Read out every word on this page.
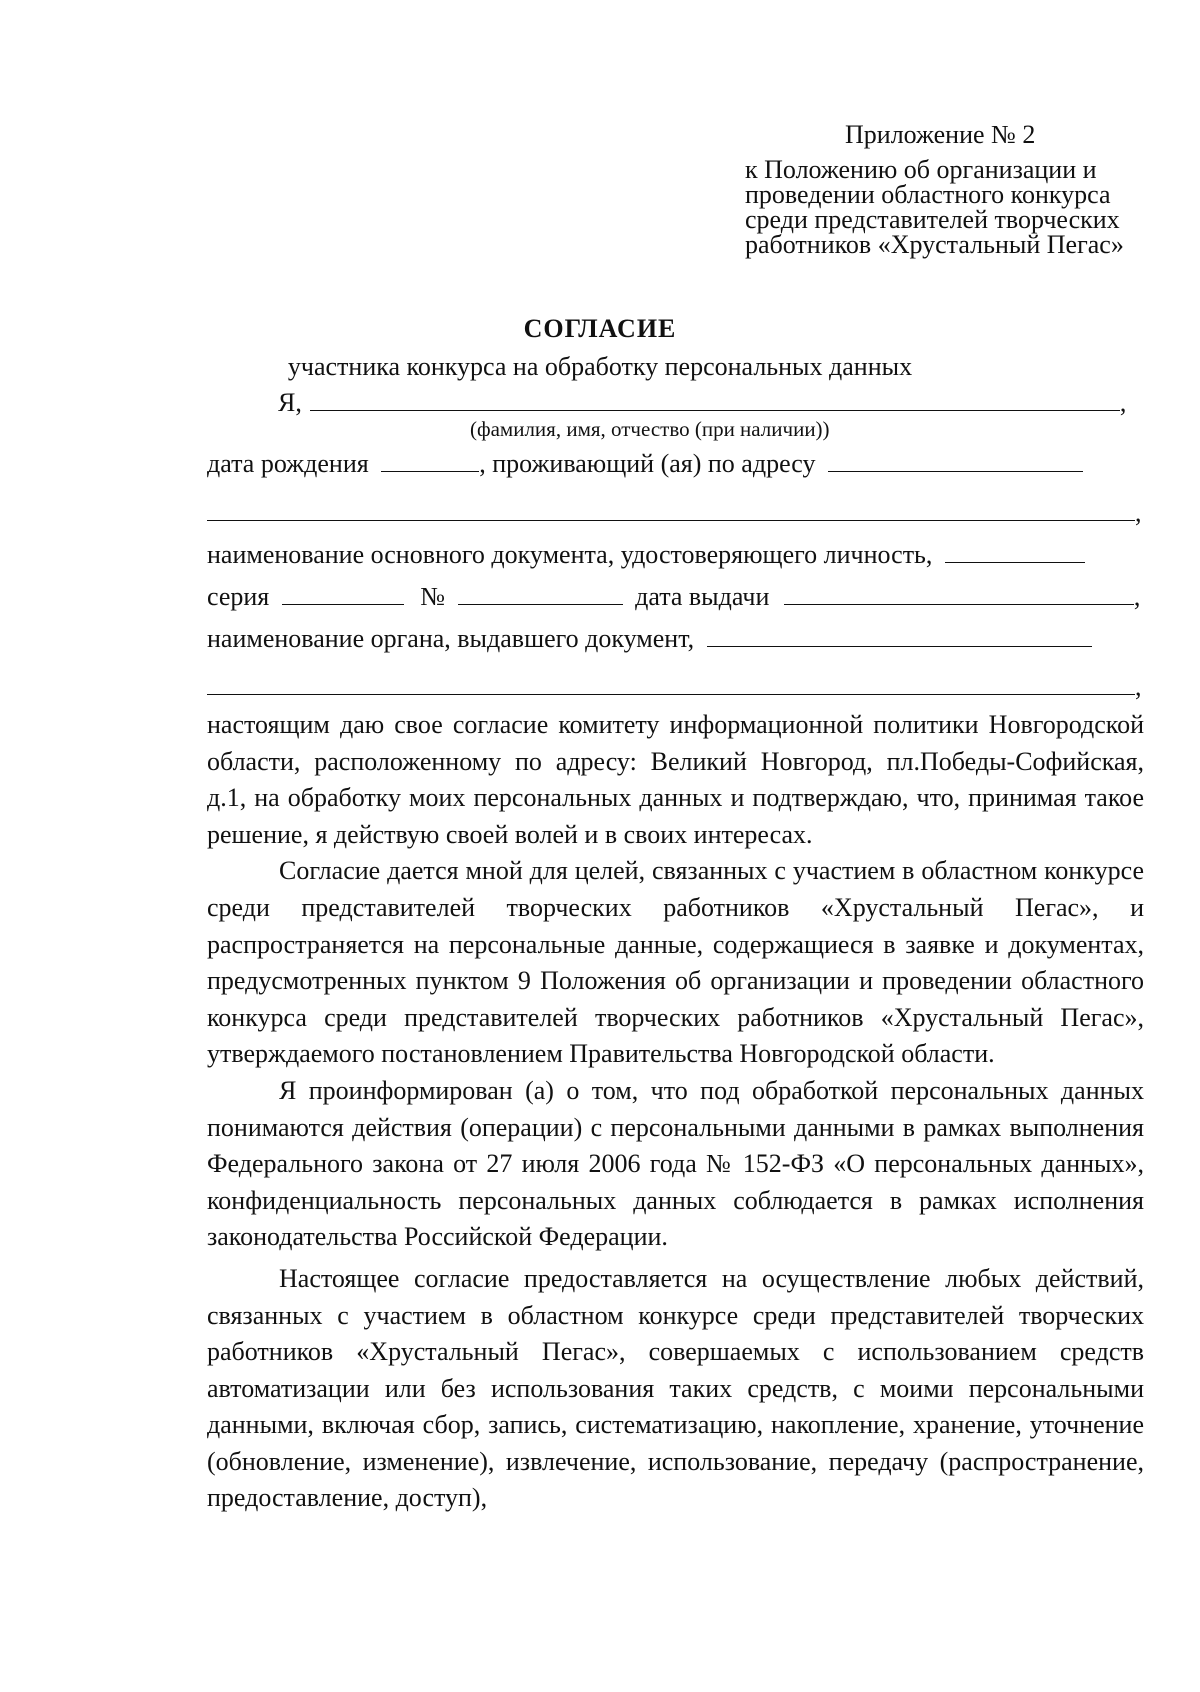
Приложение № 2
к Положению об организации и
проведении областного конкурса
среди представителей творческих
работников «Хрустальный Пегас»
СОГЛАСИЕ
участника конкурса на обработку персональных данных
Я,	,
(фамилия, имя, отчество (при наличии))
дата рождения	, проживающий (ая) по адресу
,
наименование основного документа, удостоверяющего личность,
серия	№	дата выдачи	,
наименование органа, выдавшего документ,
,

настоящим даю свое согласие комитету информационной политики Новгородской области, расположенному по адресу: Великий Новгород, пл.Победы-Софийская, д.1, на обработку моих персональных данных и подтверждаю, что, принимая такое решение, я действую своей волей и в своих интересах.

Согласие дается мной для целей, связанных с участием в областном конкурсе среди представителей творческих работников «Хрустальный Пегас», и распространяется на персональные данные, содержащиеся в заявке и документах, предусмотренных пунктом 9 Положения об организации и проведении областного конкурса среди представителей творческих работников «Хрустальный Пегас», утверждаемого постановлением Правительства Новгородской области.

Я проинформирован (а) о том, что под обработкой персональных данных понимаются действия (операции) с персональными данными в рамках выполнения Федерального закона от 27 июля 2006 года № 152-ФЗ «О персональных данных», конфиденциальность персональных данных соблюдается в рамках исполнения законодательства Российской Федерации.

Настоящее согласие предоставляется на осуществление любых действий, связанных с участием в областном конкурсе среди представителей творческих работников «Хрустальный Пегас», совершаемых с использованием средств автоматизации или без использования таких средств, с моими персональными данными, включая сбор, запись, систематизацию, накопление, хранение, уточнение (обновление, изменение), извлечение, использование, передачу (распространение, предоставление, доступ),
